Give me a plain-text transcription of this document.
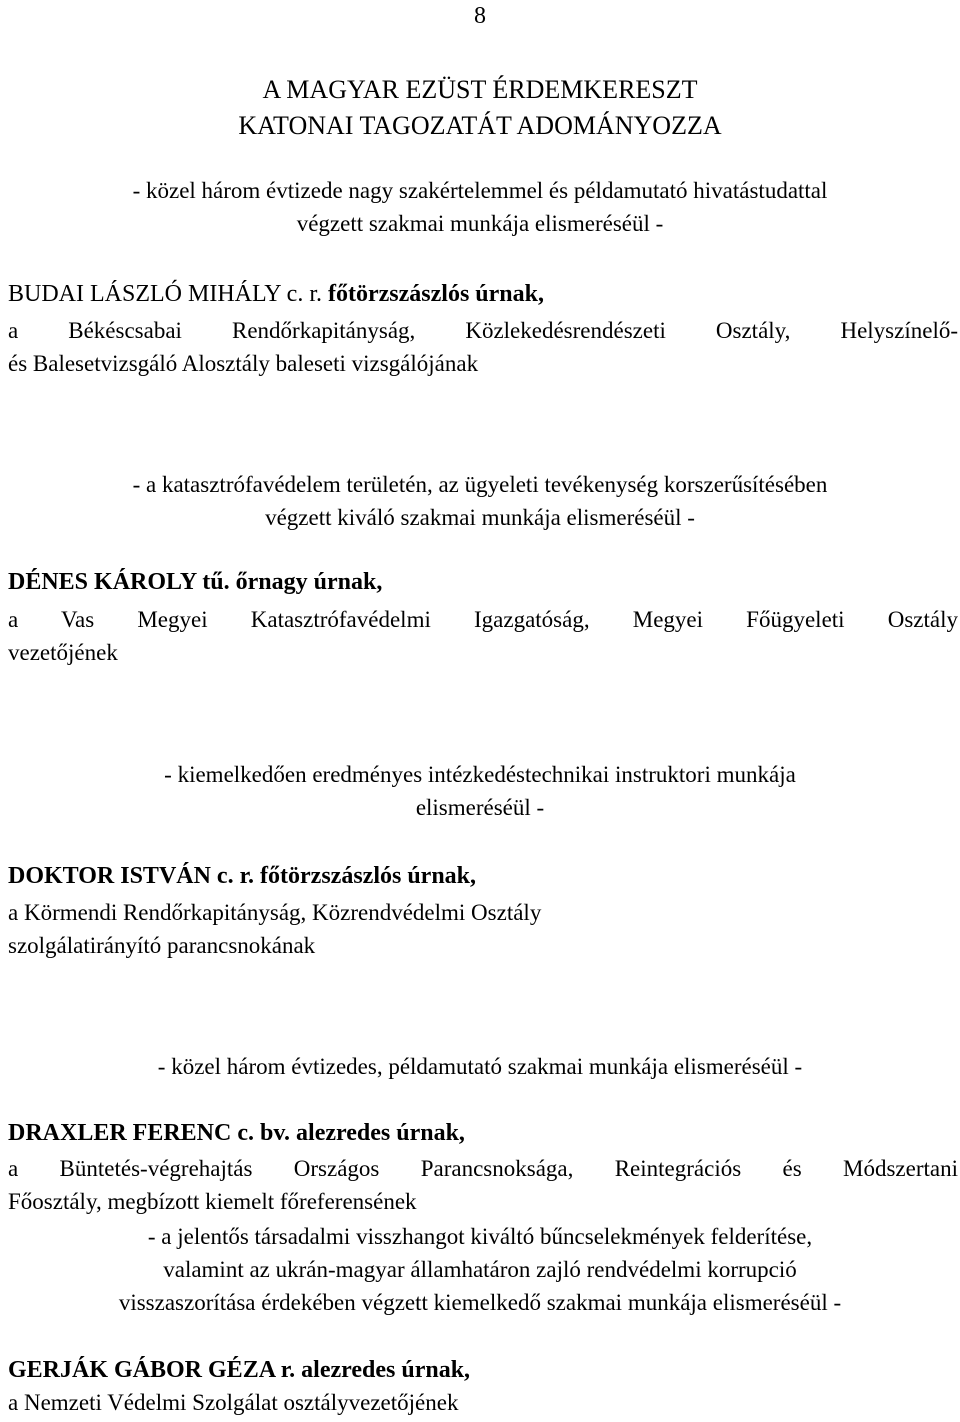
8
A MAGYAR EZÜST ÉRDEMKERESZT
KATONAI TAGOZATÁT ADOMÁNYOZZA

- közel három évtizede nagy szakértelemmel és példamutató hivatástudattal
végzett szakmai munkája elismeréséül -

BUDAI LÁSZLÓ MIHÁLY c. r. főtörzszászlós úrnak,

a Békéscsabai Rendőrkapitányság, Közlekedésrendészeti Osztály, Helyszínelő-
és Balesetvizsgáló Alosztály baleseti vizsgálójának

- a katasztrófavédelem területén, az ügyeleti tevékenység korszerűsítésében
végzett kiváló szakmai munkája elismeréséül -

DÉNES KÁROLY tű. őrnagy úrnak,

a Vas Megyei Katasztrófavédelmi Igazgatóság, Megyei Főügyeleti Osztály
vezetőjének

- kiemelkedően eredményes intézkedéstechnikai instruktori munkája
elismeréséül -

DOKTOR ISTVÁN c. r. főtörzszászlós úrnak,

a Körmendi Rendőrkapitányság, Közrendvédelmi Osztály
szolgálatirányító parancsnokának

- közel három évtizedes, példamutató szakmai munkája elismeréséül -

DRAXLER FERENC c. bv. alezredes úrnak,

a Büntetés-végrehajtás Országos Parancsnoksága, Reintegrációs és Módszertani
Főosztály, megbízott kiemelt főreferensének

- a jelentős társadalmi visszhangot kiváltó bűncselekmények felderítése,
valamint az ukrán-magyar államhatáron zajló rendvédelmi korrupció
visszaszorítása érdekében végzett kiemelkedő szakmai munkája elismeréséül -

GERJÁK GÁBOR GÉZA r. alezredes úrnak,

a Nemzeti Védelmi Szolgálat osztályvezetőjének
